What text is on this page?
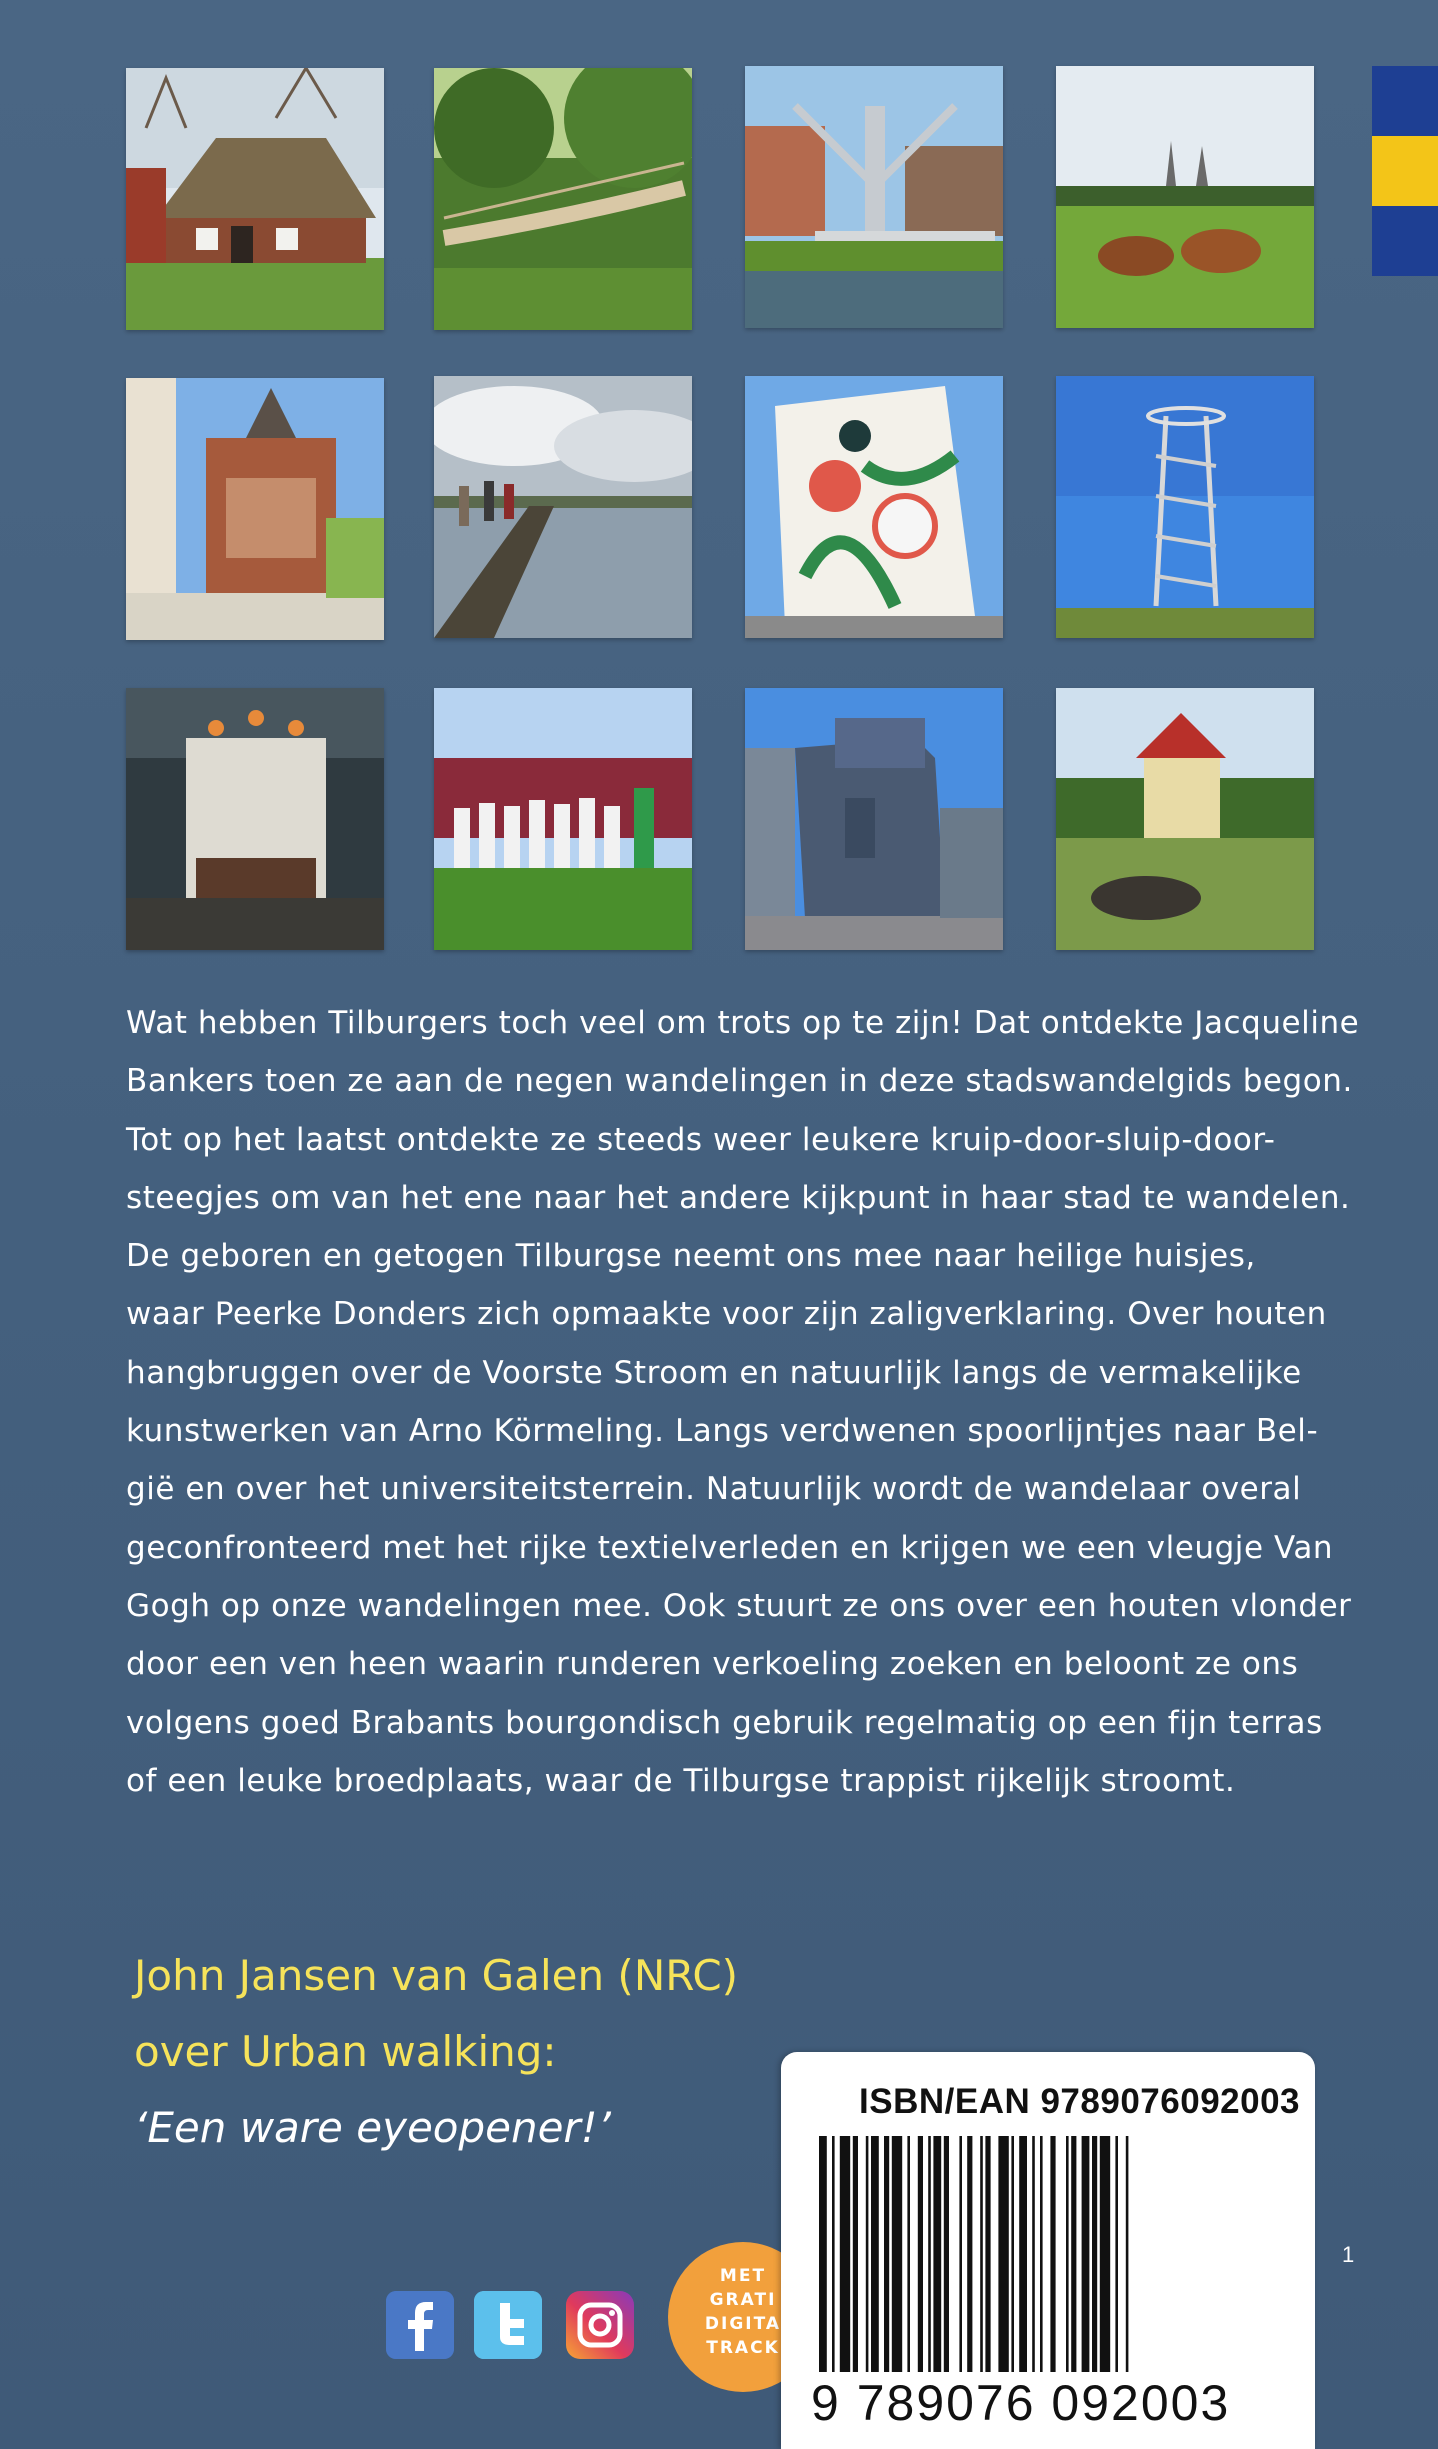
Wat hebben Tilburgers toch veel om trots op te zijn! Dat ontdekte Jacqueline
Bankers toen ze aan de negen wandelingen in deze stadswandelgids begon.
Tot op het laatst ontdekte ze steeds weer leukere kruip-door-sluip-door-
steegjes om van het ene naar het andere kijkpunt in haar stad te wandelen.
De geboren en getogen Tilburgse neemt ons mee naar heilige huisjes,
waar Peerke Donders zich opmaakte voor zijn zaligverklaring. Over houten
hangbruggen over de Voorste Stroom en natuurlijk langs de vermakelijke
kunstwerken van Arno Körmeling. Langs verdwenen spoorlijntjes naar Bel-
gië en over het universiteitsterrein. Natuurlijk wordt de wandelaar overal
geconfronteerd met het rijke textielverleden en krijgen we een vleugje Van
Gogh op onze wandelingen mee. Ook stuurt ze ons over een houten vlonder
door een ven heen waarin runderen verkoeling zoeken en beloont ze ons
volgens goed Brabants bourgondisch gebruik regelmatig op een fijn terras
of een leuke broedplaats, waar de Tilburgse trappist rijkelijk stroomt.

John Jansen van Galen (NRC)
over Urban walking:
‘Een ware eyeopener!’
MET
GRATI
DIGITA
TRACK
ISBN/EAN 9789076092003
9 789076 092003
1
